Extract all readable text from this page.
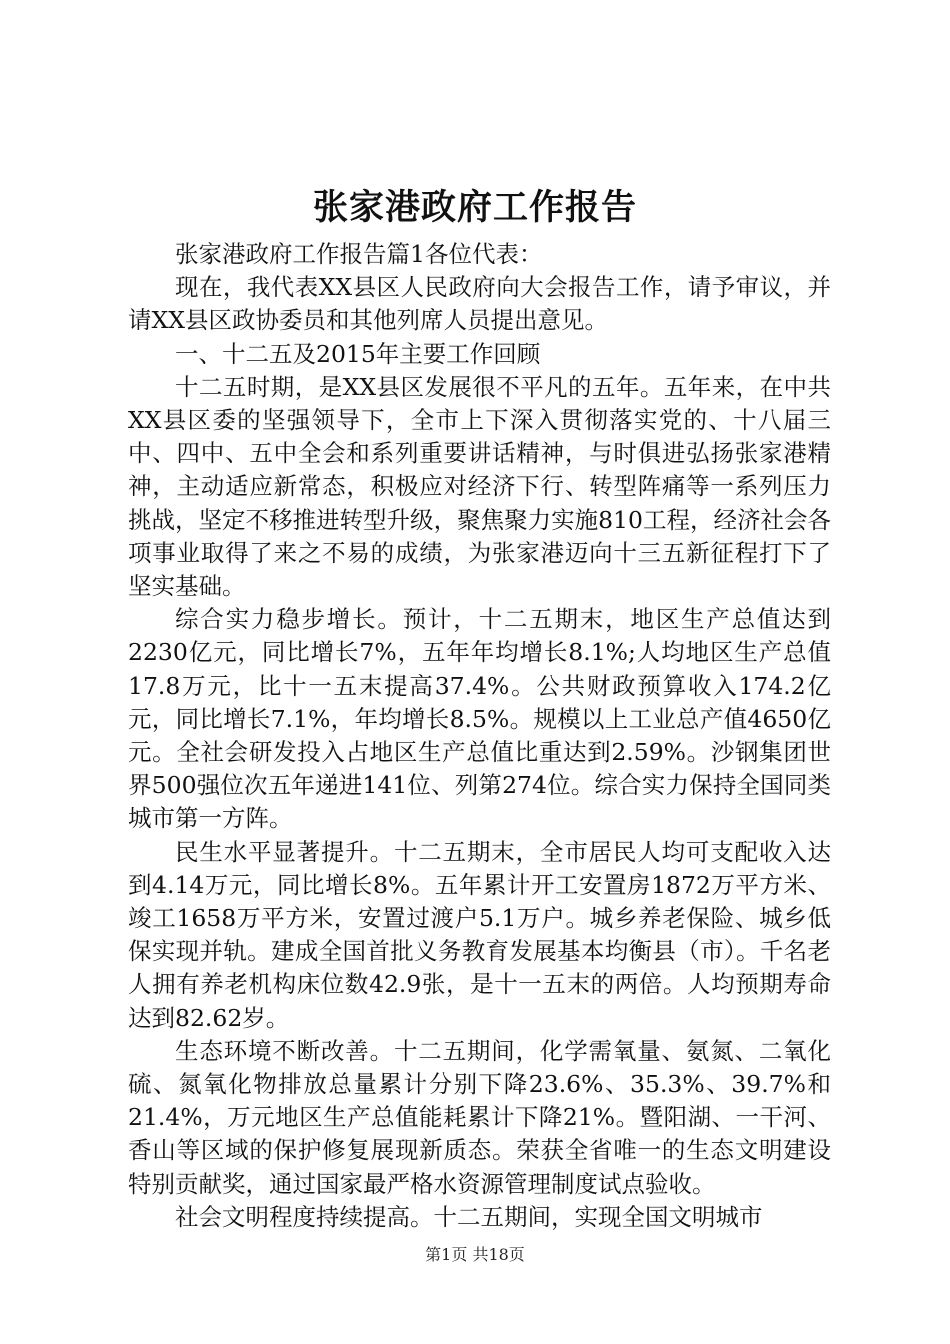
张家港政府工作报告

张家港政府工作报告篇1各位代表：

现在，我代表XX县区人民政府向大会报告工作，请予审议，并请XX县区政协委员和其他列席人员提出意见。

一、十二五及2015年主要工作回顾

十二五时期，是XX县区发展很不平凡的五年。五年来，在中共XX县区委的坚强领导下，全市上下深入贯彻落实党的、十八届三中、四中、五中全会和系列重要讲话精神，与时俱进弘扬张家港精神，主动适应新常态，积极应对经济下行、转型阵痛等一系列压力挑战，坚定不移推进转型升级，聚焦聚力实施810工程，经济社会各项事业取得了来之不易的成绩，为张家港迈向十三五新征程打下了坚实基础。

综合实力稳步增长。预计，十二五期末，地区生产总值达到2230亿元，同比增长7%，五年年均增长8.1%;人均地区生产总值17.8万元，比十一五末提高37.4%。公共财政预算收入174.2亿元，同比增长7.1%，年均增长8.5%。规模以上工业总产值4650亿元。全社会研发投入占地区生产总值比重达到2.59%。沙钢集团世界500强位次五年递进141位、列第274位。综合实力保持全国同类城市第一方阵。

民生水平显著提升。十二五期末，全市居民人均可支配收入达到4.14万元，同比增长8%。五年累计开工安置房1872万平方米、竣工1658万平方米，安置过渡户5.1万户。城乡养老保险、城乡低保实现并轨。建成全国首批义务教育发展基本均衡县（市）。千名老人拥有养老机构床位数42.9张，是十一五末的两倍。人均预期寿命达到82.62岁。

生态环境不断改善。十二五期间，化学需氧量、氨氮、二氧化硫、氮氧化物排放总量累计分别下降23.6%、35.3%、39.7%和21.4%，万元地区生产总值能耗累计下降21%。暨阳湖、一干河、香山等区域的保护修复展现新质态。荣获全省唯一的生态文明建设特别贡献奖，通过国家最严格水资源管理制度试点验收。

社会文明程度持续提高。十二五期间，实现全国文明城市

第1页 共18页
